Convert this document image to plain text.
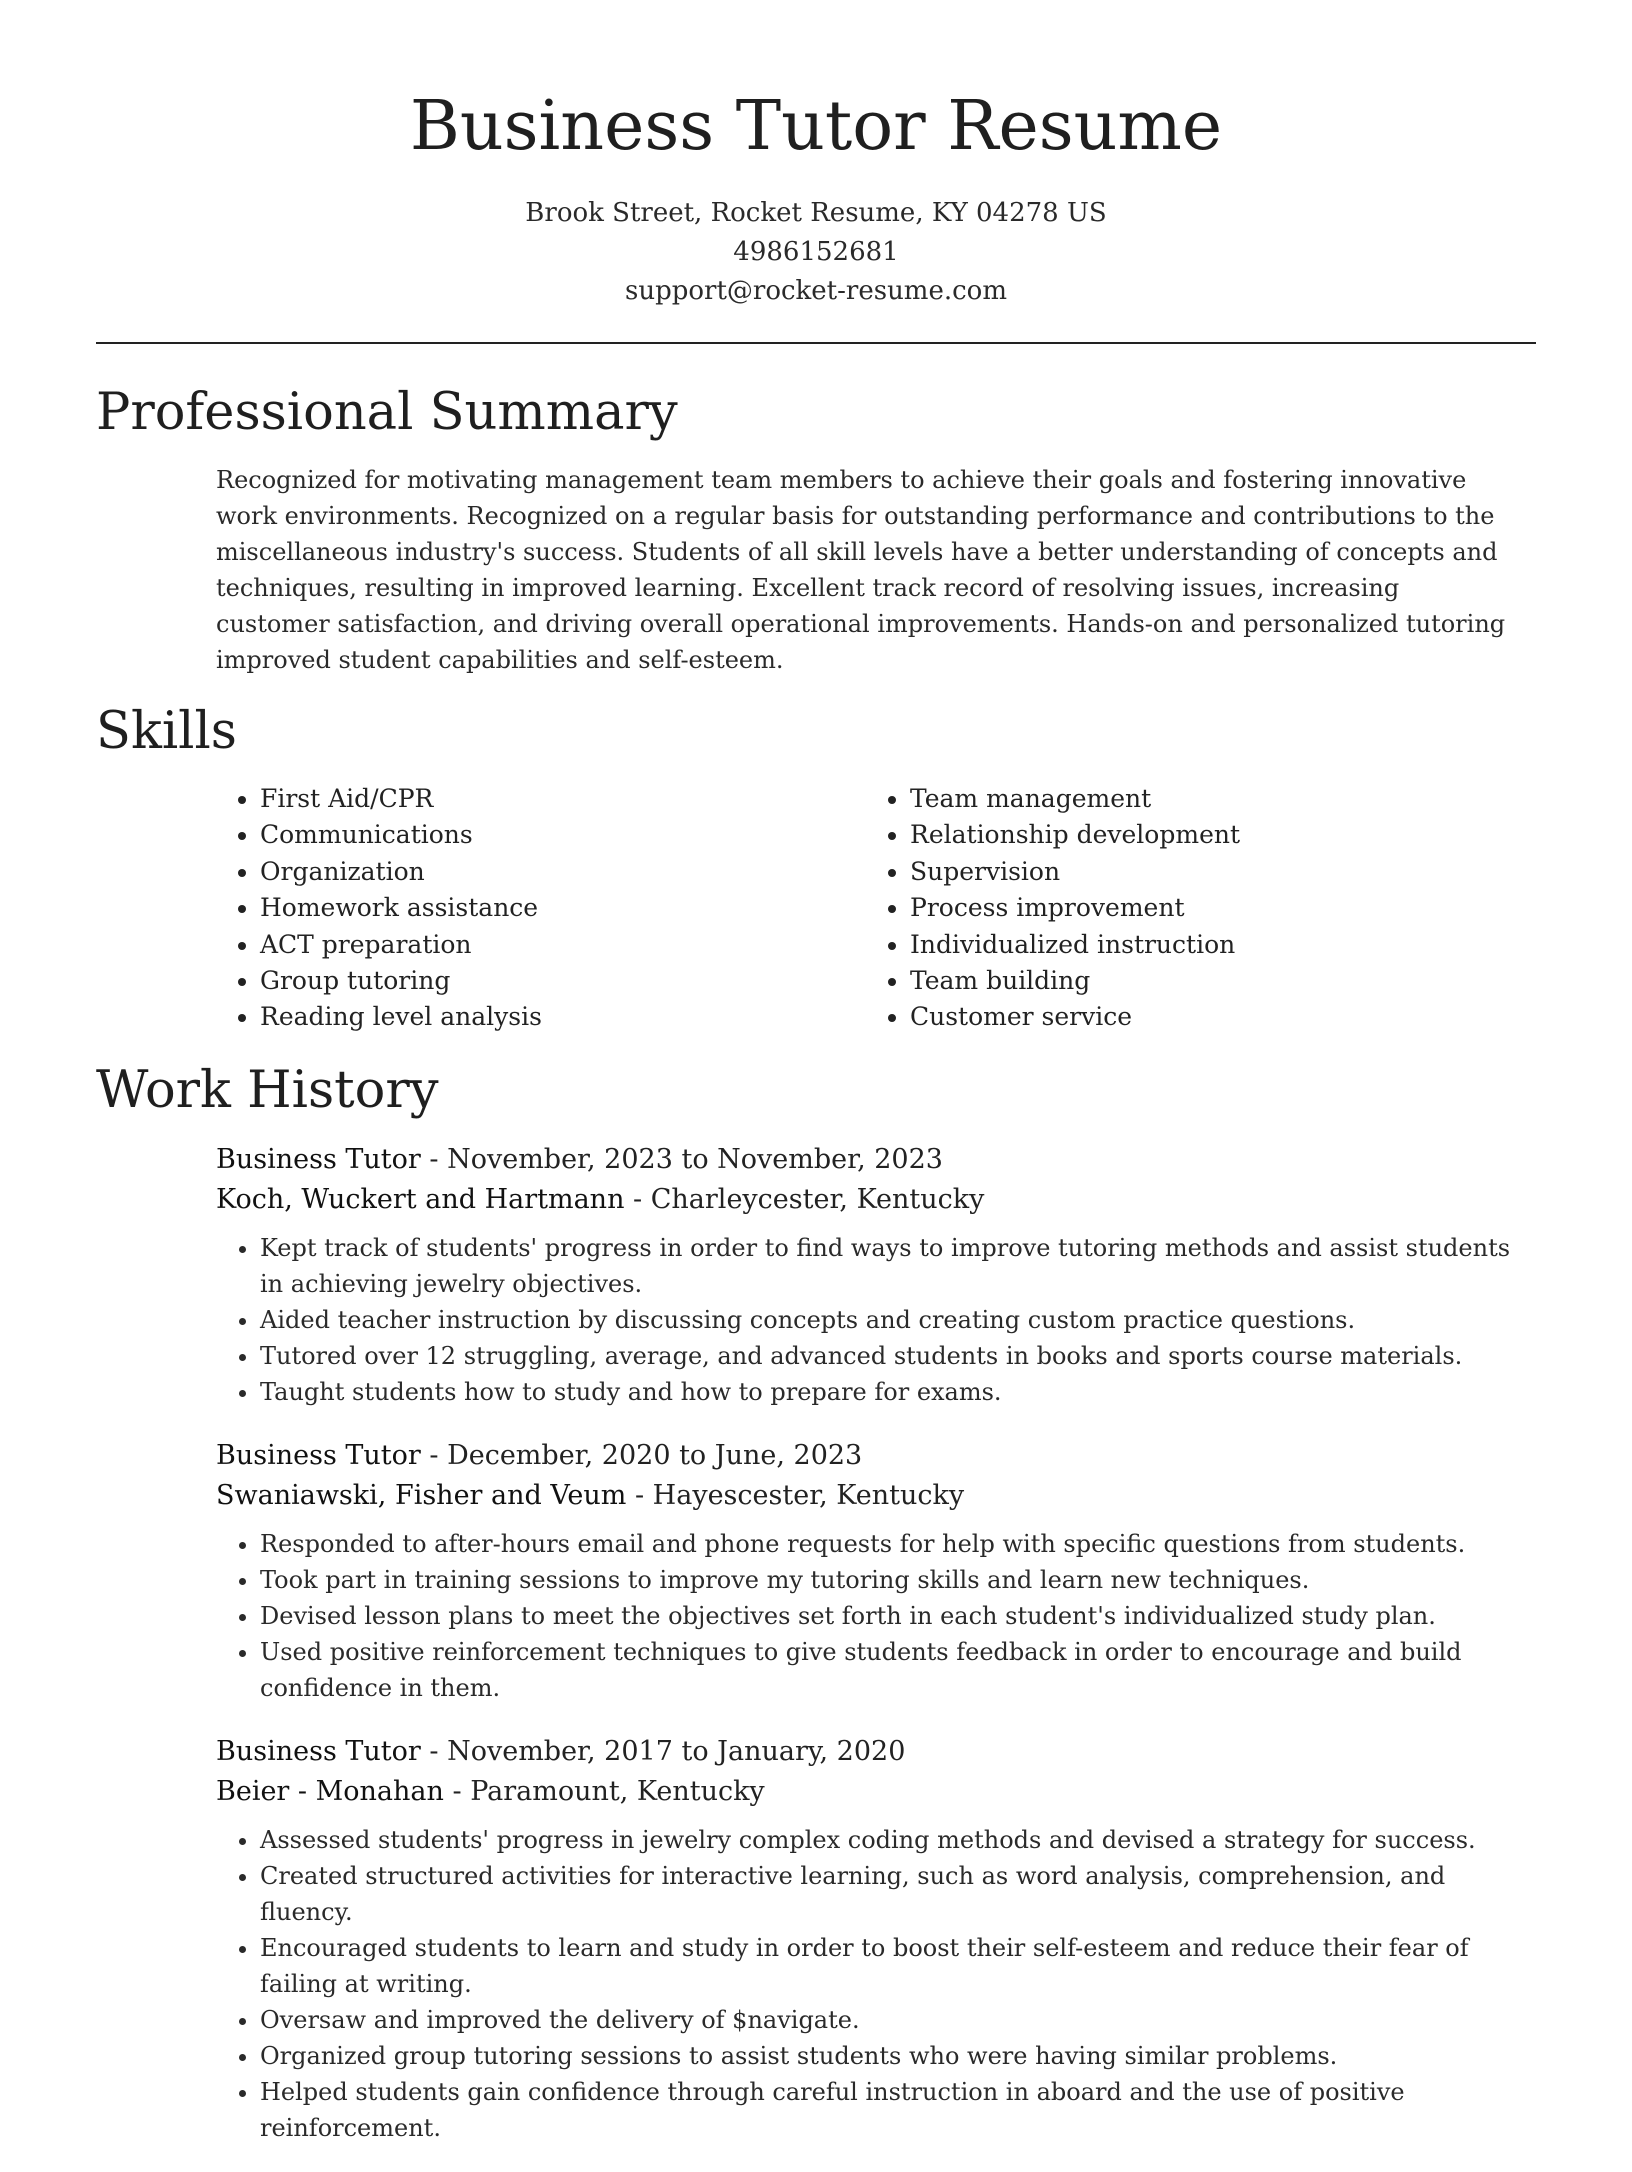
Business Tutor Resume
Brook Street, Rocket Resume, KY 04278 US
4986152681
support@rocket-resume.com
Professional Summary

Recognized for motivating management team members to achieve their goals and fostering innovative work environments. Recognized on a regular basis for outstanding performance and contributions to the miscellaneous industry's success. Students of all skill levels have a better understanding of concepts and techniques, resulting in improved learning. Excellent track record of resolving issues, increasing customer satisfaction, and driving overall operational improvements. Hands-on and personalized tutoring improved student capabilities and self-esteem.

Skills
• First Aid/CPR
• Communications
• Organization
• Homework assistance
• ACT preparation
• Group tutoring
• Reading level analysis
• Team management
• Relationship development
• Supervision
• Process improvement
• Individualized instruction
• Team building
• Customer service
Work History
Business Tutor - November, 2023 to November, 2023
Koch, Wuckert and Hartmann - Charleycester, Kentucky
• Kept track of students' progress in order to find ways to improve tutoring methods and assist students in achieving jewelry objectives.
• Aided teacher instruction by discussing concepts and creating custom practice questions.
• Tutored over 12 struggling, average, and advanced students in books and sports course materials.
• Taught students how to study and how to prepare for exams.
Business Tutor - December, 2020 to June, 2023
Swaniawski, Fisher and Veum - Hayescester, Kentucky
• Responded to after-hours email and phone requests for help with specific questions from students.
• Took part in training sessions to improve my tutoring skills and learn new techniques.
• Devised lesson plans to meet the objectives set forth in each student's individualized study plan.
• Used positive reinforcement techniques to give students feedback in order to encourage and build confidence in them.
Business Tutor - November, 2017 to January, 2020
Beier - Monahan - Paramount, Kentucky
• Assessed students' progress in jewelry complex coding methods and devised a strategy for success.
• Created structured activities for interactive learning, such as word analysis, comprehension, and fluency.
• Encouraged students to learn and study in order to boost their self-esteem and reduce their fear of failing at writing.
• Oversaw and improved the delivery of $navigate.
• Organized group tutoring sessions to assist students who were having similar problems.
• Helped students gain confidence through careful instruction in aboard and the use of positive reinforcement.
